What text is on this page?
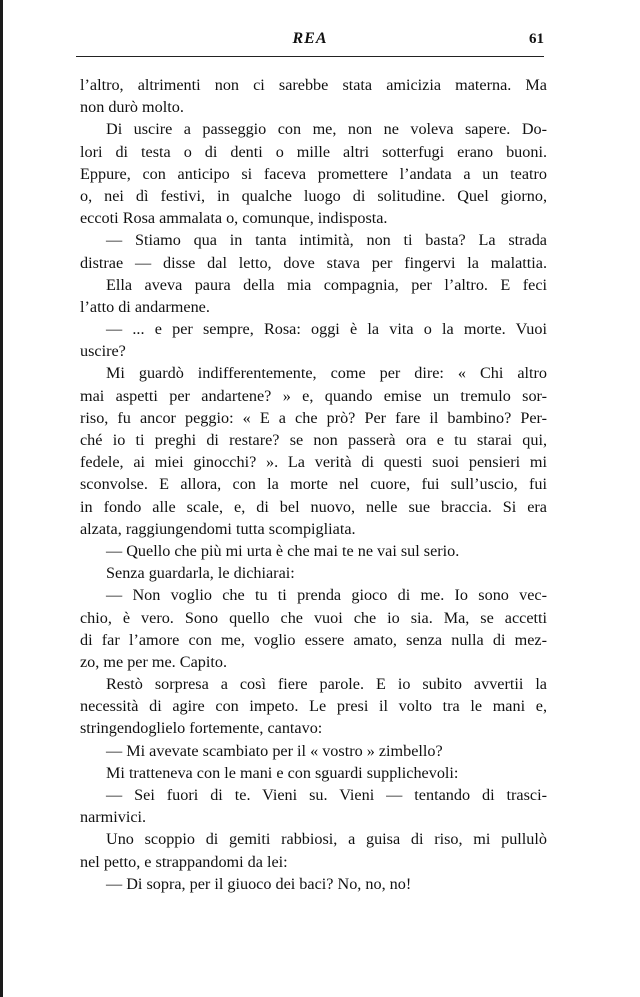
REA	61
l’altro, altrimenti non ci sarebbe stata amicizia materna. Ma
non durò molto.
Di uscire a passeggio con me, non ne voleva sapere. Do-
lori di testa o di denti o mille altri sotterfugi erano buoni.
Eppure, con anticipo si faceva promettere l’andata a un teatro
o, nei dì festivi, in qualche luogo di solitudine. Quel giorno,
eccoti Rosa ammalata o, comunque, indisposta.
— Stiamo qua in tanta intimità, non ti basta? La strada
distrae — disse dal letto, dove stava per fingervi la malattia.
Ella aveva paura della mia compagnia, per l’altro. E feci
l’atto di andarmene.
— ... e per sempre, Rosa: oggi è la vita o la morte. Vuoi
uscire?
Mi guardò indifferentemente, come per dire: « Chi altro
mai aspetti per andartene? » e, quando emise un tremulo sor-
riso, fu ancor peggio: « E a che prò? Per fare il bambino? Per-
ché io ti preghi di restare? se non passerà ora e tu starai qui,
fedele, ai miei ginocchi? ». La verità di questi suoi pensieri mi
sconvolse. E allora, con la morte nel cuore, fui sull’uscio, fui
in fondo alle scale, e, di bel nuovo, nelle sue braccia. Si era
alzata, raggiungendomi tutta scompigliata.
— Quello che più mi urta è che mai te ne vai sul serio.
Senza guardarla, le dichiarai:
— Non voglio che tu ti prenda gioco di me. Io sono vec-
chio, è vero. Sono quello che vuoi che io sia. Ma, se accetti
di far l’amore con me, voglio essere amato, senza nulla di mez-
zo, me per me. Capito.
Restò sorpresa a così fiere parole. E io subito avvertii la
necessità di agire con impeto. Le presi il volto tra le mani e,
stringendoglielo fortemente, cantavo:
— Mi avevate scambiato per il « vostro » zimbello?
Mi tratteneva con le mani e con sguardi supplichevoli:
— Sei fuori di te. Vieni su. Vieni — tentando di trasci-
narmivici.
Uno scoppio di gemiti rabbiosi, a guisa di riso, mi pullulò
nel petto, e strappandomi da lei:
— Di sopra, per il giuoco dei baci? No, no, no!
